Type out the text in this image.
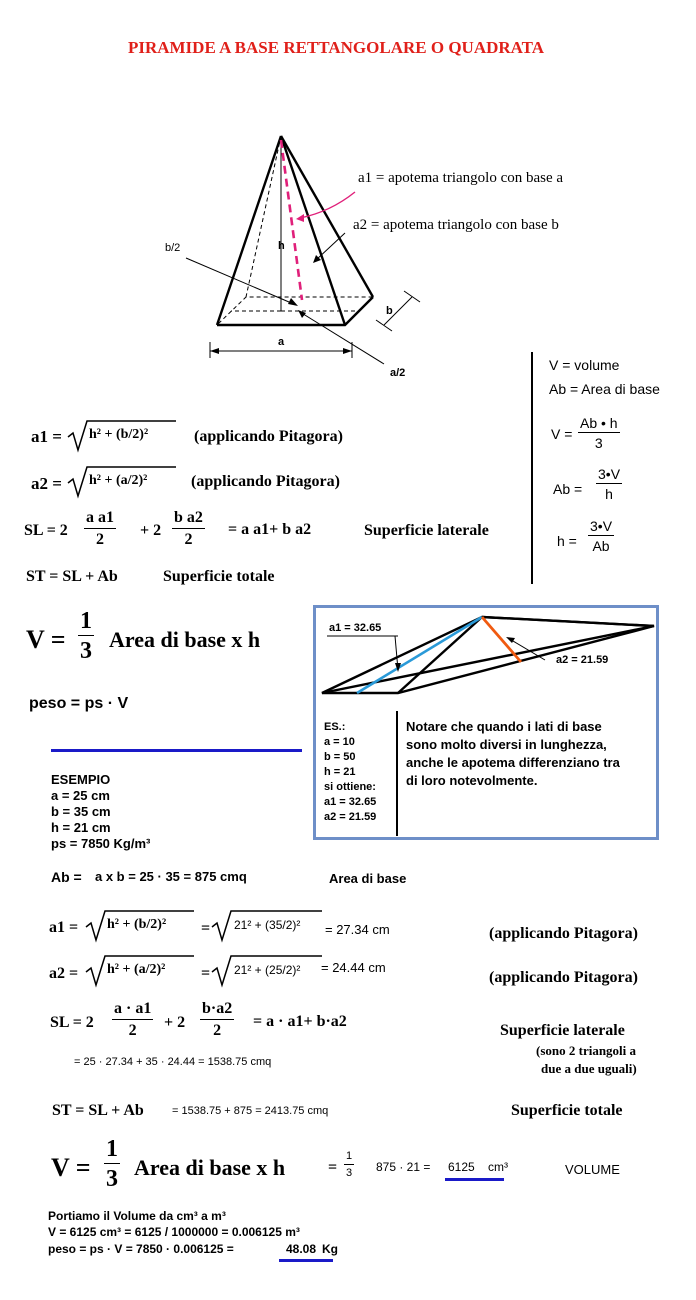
PIRAMIDE A BASE RETTANGOLARE O QUADRATA
a1 = apotema triangolo con base a
a2 = apotema triangolo con base b
b/2	h
b
a
a/2	V = volume
Ab = Area di base
$V = \frac{Ab • h}{3}$
$Ab = \frac{3•V}{h}$
$h = \frac{3•V}{Ab}$
a1 = h² + (b/2)²	(applicando Pitagora)
a2 = h² + (a/2)²	(applicando Pitagora)
SL = $2 \frac{\text{a a1}}{2} + 2 \frac{\text{b a2}}{2} = a$ a1+ b a2	Superficie laterale
ST = SL + Ab	Superficie totale
$V = \frac{1}{3}$ Area di base x h
peso = ps · V
a1 = 32.65
a2 = 21.59
ES.:
a = 10
b = 50
h = 21
si ottiene:
a1 = 32.65
a2 = 21.59
Notare che quando i lati di base
sono molto diversi in lunghezza,
anche le apotema differenziano tra
di loro notevolmente.
ESEMPIO
a = 25 cm
b = 35 cm
h = 21 cm
ps = 7850 Kg/m³
Ab = a x b = 25 · 35 = 875 cmq	Area di base
a1 = h² + (b/2)² = 21² + (35/2)² = 27.34 cm	(applicando Pitagora)
a2 = h² + (a/2)² = 21² + (25/2)² = 24.44 cm
(applicando Pitagora)
SL = $2 \frac{a \cdot a1}{2} + 2 \frac{b\cdot a2}{2} = a \cdot a1+ b\cdot a2$
= 25 · 27.34 + 35 · 24.44 = 1538.75 cmq
Superficie laterale
(sono 2 triangoli a
due a due uguali)
ST = SL + Ab	= 1538.75 + 875 = 2413.75 cmq	Superficie totale
$V = \frac{1}{3}$ Area di base x h	= $\frac{1}{3} 875 \cdot 21 = 6125$ cm³	VOLUME
Portiamo il Volume da cm³ a m³
V = 6125 cm³ = 6125 / 1000000 = 0.006125 m³
peso = ps · V = 7850 · 0.006125 =	48.08 Kg
